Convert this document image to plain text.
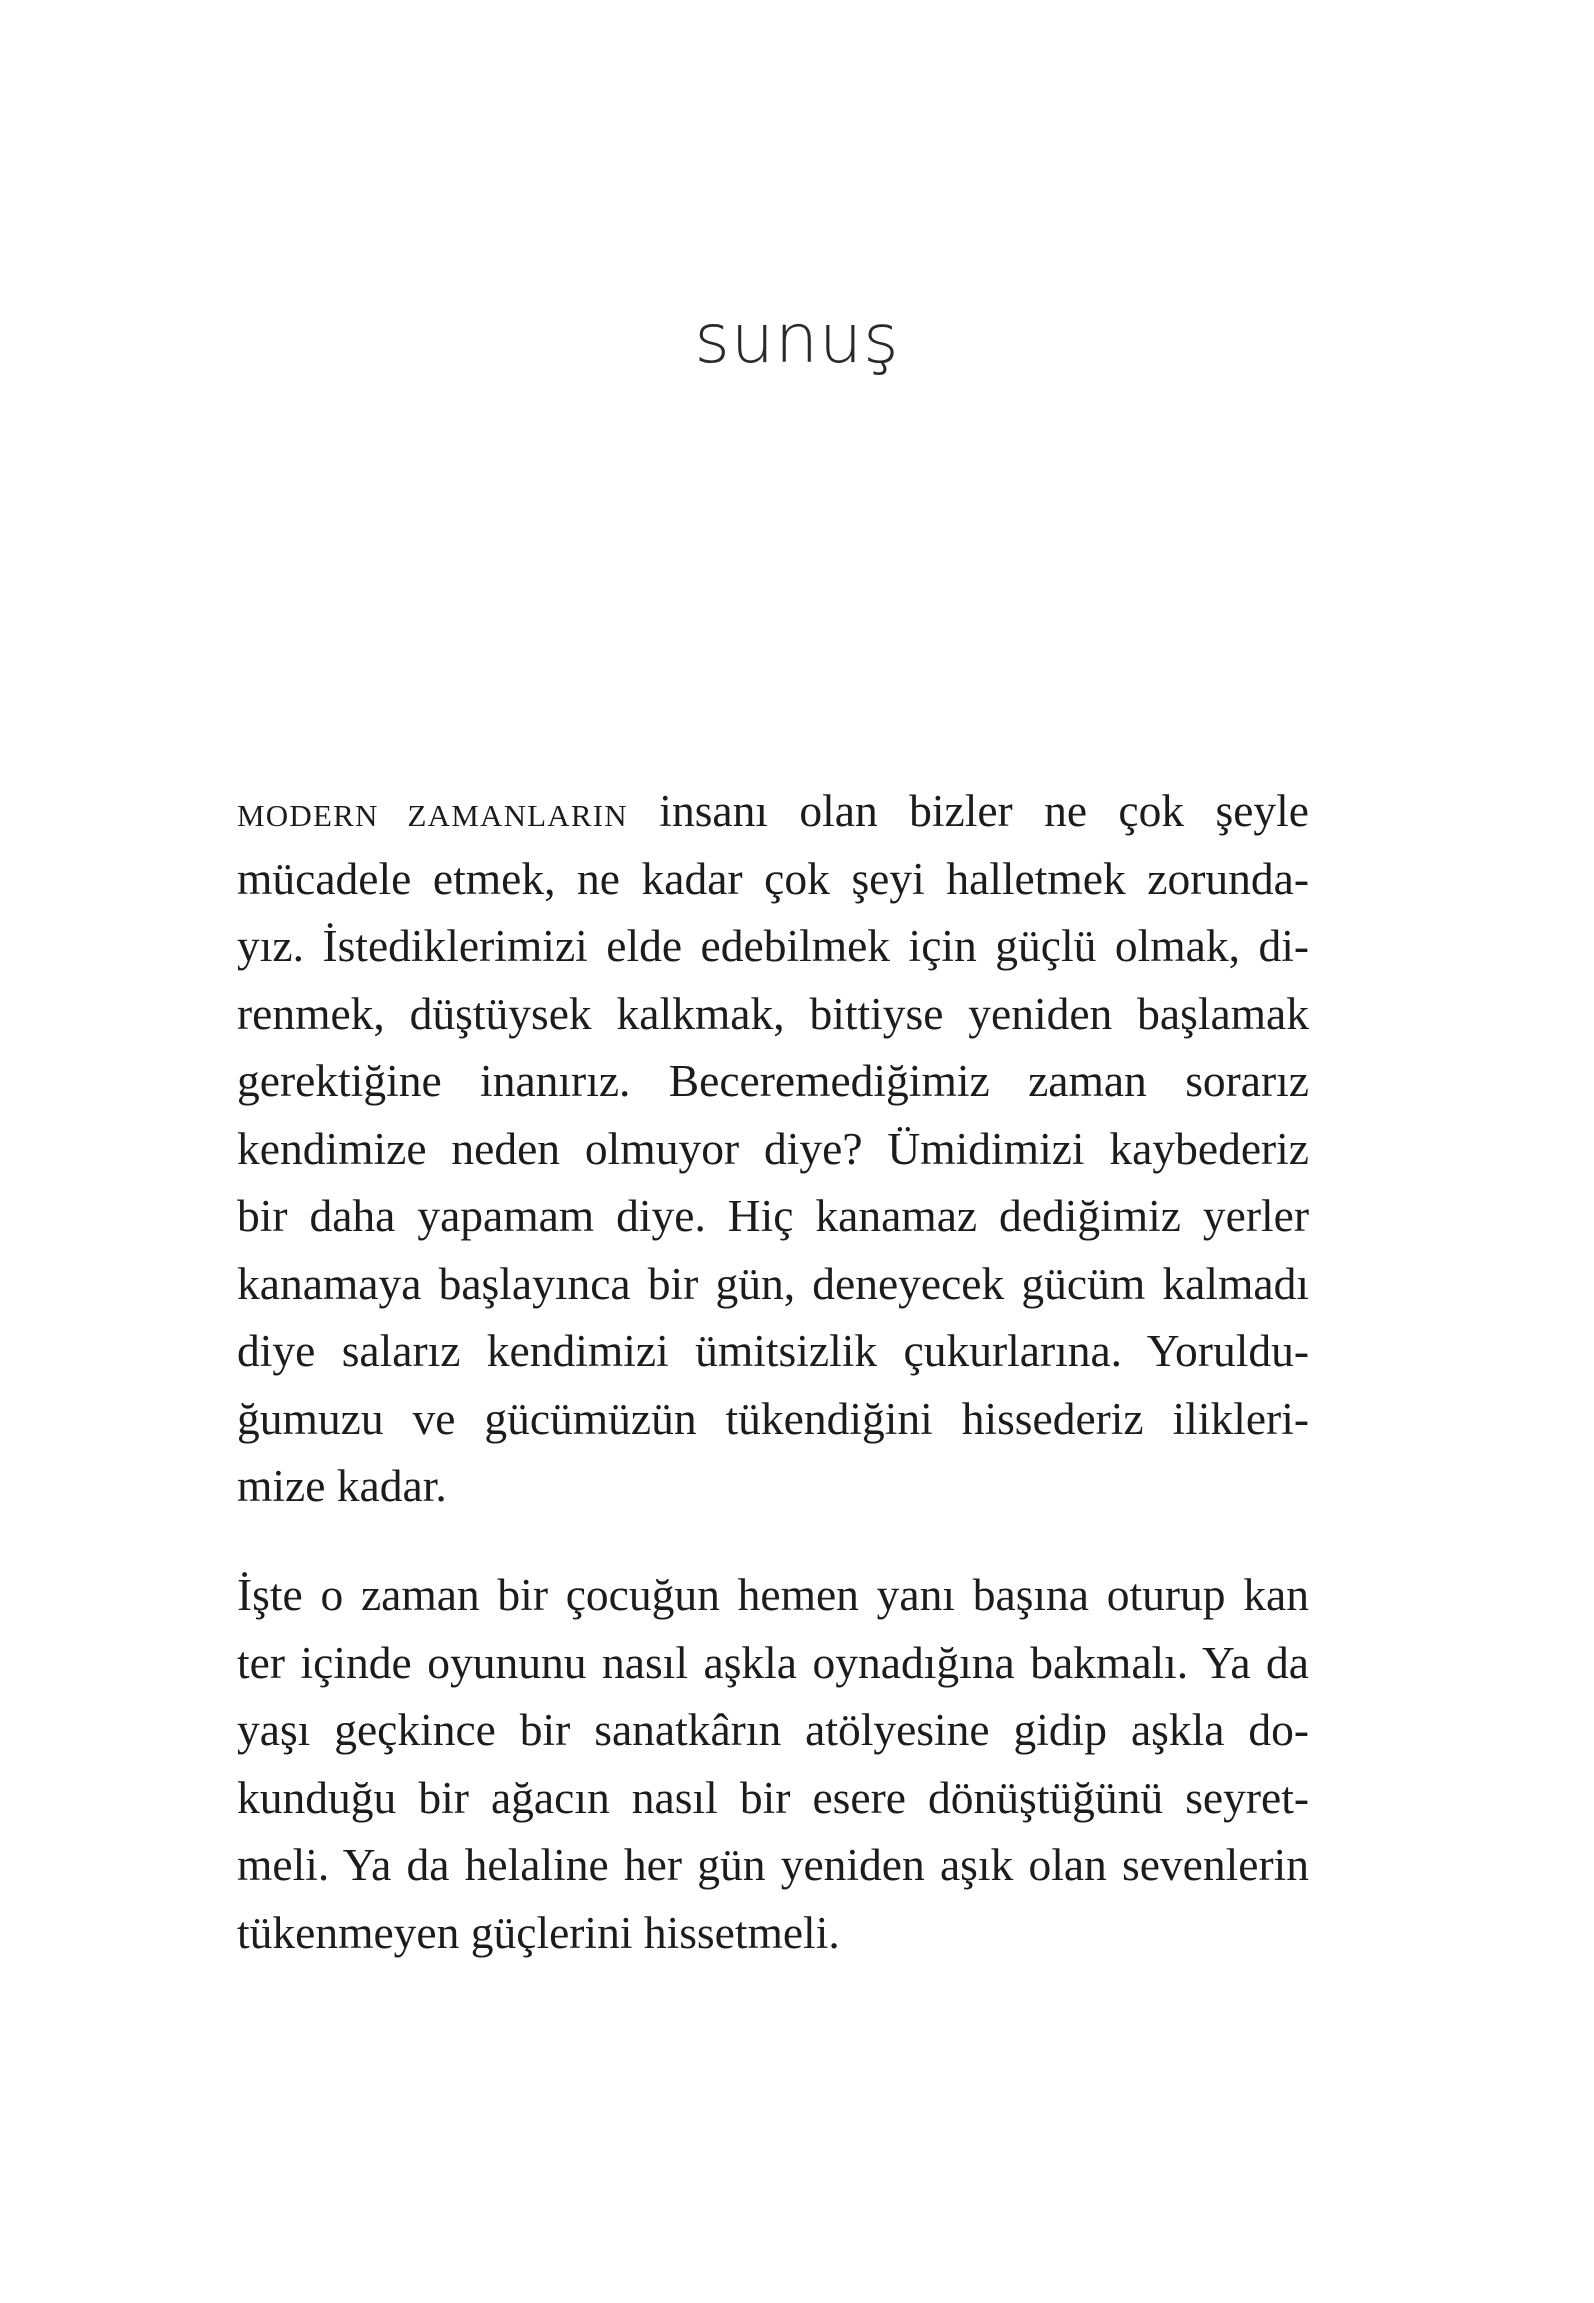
sunuş
MODERN ZAMANLARIN insanı olan bizler ne çok şeyle
mücadele etmek, ne kadar çok şeyi halletmek zorunda-
yız. İstediklerimizi elde edebilmek için güçlü olmak, di-
renmek, düştüysek kalkmak, bittiyse yeniden başlamak
gerektiğine inanırız. Beceremediğimiz zaman sorarız
kendimize neden olmuyor diye? Ümidimizi kaybederiz
bir daha yapamam diye. Hiç kanamaz dediğimiz yerler
kanamaya başlayınca bir gün, deneyecek gücüm kalmadı
diye salarız kendimizi ümitsizlik çukurlarına. Yoruldu-
ğumuzu ve gücümüzün tükendiğini hissederiz ilikleri-
mize kadar.
İşte o zaman bir çocuğun hemen yanı başına oturup kan
ter içinde oyununu nasıl aşkla oynadığına bakmalı. Ya da
yaşı geçkince bir sanatkârın atölyesine gidip aşkla do-
kunduğu bir ağacın nasıl bir esere dönüştüğünü seyret-
meli. Ya da helaline her gün yeniden aşık olan sevenlerin
tükenmeyen güçlerini hissetmeli.
